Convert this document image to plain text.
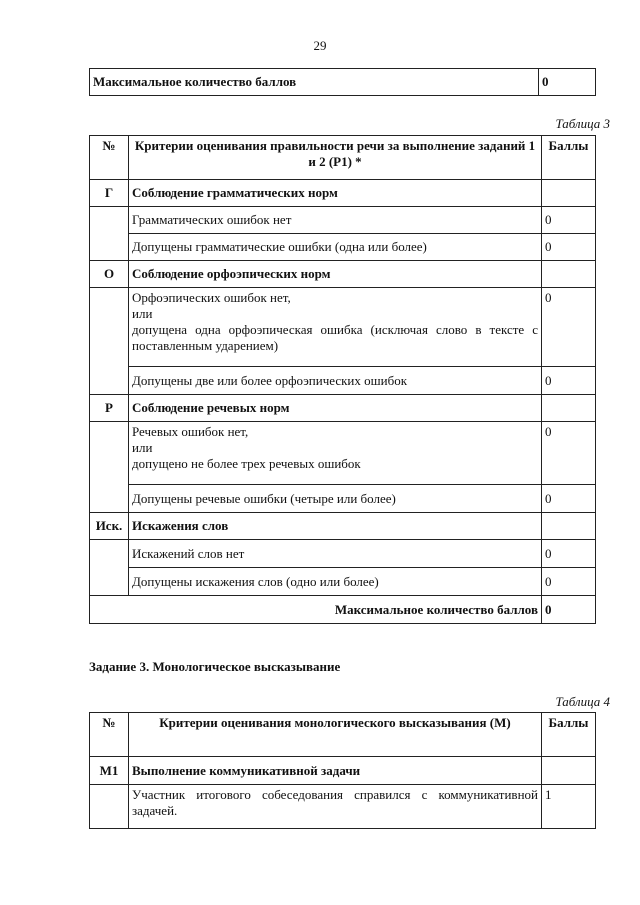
29
Максимальное количество баллов	0
Таблица 3
№	Критерии оценивания правильности речи за выполнение заданий 1 и 2 (Р1) *	Баллы
Г	Соблюдение грамматических норм	
	Грамматических ошибок нет	0
	Допущены грамматические ошибки (одна или более)	0
О	Соблюдение орфоэпических норм	

	Орфоэпических ошибок нет,
или
допущена одна орфоэпическая ошибка (исключая слово в тексте с поставленным ударением)	0
	Допущены две или более орфоэпических ошибок	0
Р	Соблюдение речевых норм	

	Речевых ошибок нет,
или
допущено не более трех речевых ошибок	0
	Допущены речевые ошибки (четыре или более)	0
Иск.	Искажения слов	
	Искажений слов нет	0
	Допущены искажения слов (одно или более)	0
Максимальное количество баллов		0
Задание 3. Монологическое высказывание
Таблица 4
№	Критерии оценивания монологического высказывания (М)	Баллы
М1	Выполнение коммуникативной задачи	
	Участник итогового собеседования справился с коммуникативной задачей.	1
